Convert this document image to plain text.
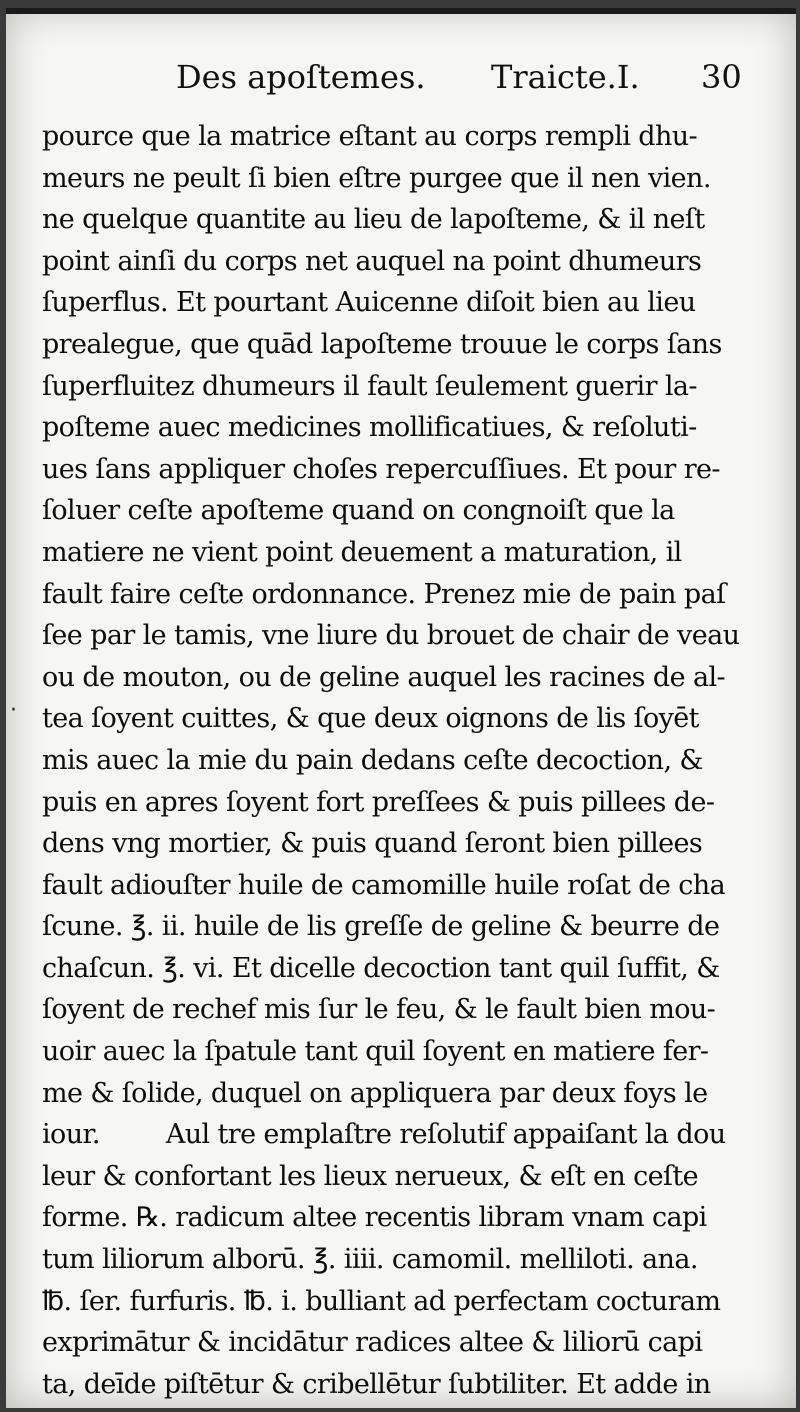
Des apoſtemes. Traicte.I. 30
·
pource que la matrice eſtant au corps rempli dhu-
meurs ne peult ſi bien eſtre purgee que il nen vien.
ne quelque quantite au lieu de lapoſteme, & il neſt
point ainſi du corps net auquel na point dhumeurs
ſuperflus. Et pourtant Auicenne diſoit bien au lieu
prealegue, que quād lapoſteme trouue le corps ſans
ſuperfluitez dhumeurs il fault ſeulement guerir la-
poſteme auec medicines mollificatiues, & reſoluti-
ues ſans appliquer choſes repercuſſiues. Et pour re-
ſoluer ceſte apoſteme quand on congnoiſt que la
matiere ne vient point deuement a maturation, il
fault faire ceſte ordonnance. Prenez mie de pain paſ
ſee par le tamis, vne liure du brouet de chair de veau
ou de mouton, ou de geline auquel les racines de al-
tea ſoyent cuittes, & que deux oignons de lis ſoyēt
mis auec la mie du pain dedans ceſte decoction, &
puis en apres ſoyent fort preſſees & puis pillees de-
dens vng mortier, & puis quand ſeront bien pillees
fault adiouſter huile de camomille huile roſat de cha
ſcune. ℥. ii. huile de lis greſſe de geline & beurre de
chaſcun. ℥. vi. Et dicelle decoction tant quil ſuffit, &
ſoyent de rechef mis ſur le feu, & le fault bien mou-
uoir auec la ſpatule tant quil ſoyent en matiere fer-
me & ſolide, duquel on appliquera par deux foys le
iour. Aul tre emplaſtre reſolutif appaiſant la dou
leur & confortant les lieux nerueux, & eſt en ceſte
forme. ℞. radicum altee recentis libram vnam capi
tum liliorum alborū. ℥. iiii. camomil. melliloti. ana.
℔. ſer. furfuris. ℔. i. bulliant ad perfectam cocturam
exprimātur & incidātur radices altee & liliorū capi
ta, deīde piſtētur & cribellētur ſubtiliter. Et adde in
